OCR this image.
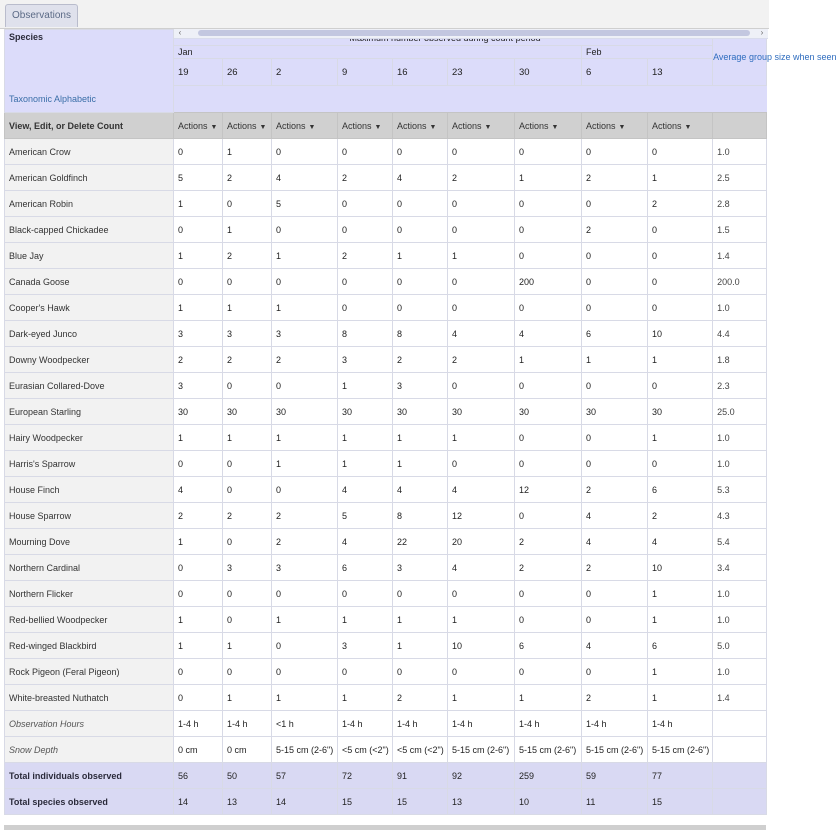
Observations
Species										Average group size when seen
	Jan							Feb		
	19	26	2	9	16	23	30	6	13	
Taxonomic Alphabetic										
View, Edit, or Delete Count	Actions ▼	Actions ▼	Actions ▼	Actions ▼	Actions ▼	Actions ▼	Actions ▼	Actions ▼	Actions ▼	
American Crow	0	1	0	0	0	0	0	0	0	1.0
American Goldfinch	5	2	4	2	4	2	1	2	1	2.5
American Robin	1	0	5	0	0	0	0	0	2	2.8
Black-capped Chickadee	0	1	0	0	0	0	0	2	0	1.5
Blue Jay	1	2	1	2	1	1	0	0	0	1.4
Canada Goose	0	0	0	0	0	0	200	0	0	200.0
Cooper's Hawk	1	1	1	0	0	0	0	0	0	1.0
Dark-eyed Junco	3	3	3	8	8	4	4	6	10	4.4
Downy Woodpecker	2	2	2	3	2	2	1	1	1	1.8
Eurasian Collared-Dove	3	0	0	1	3	0	0	0	0	2.3
European Starling	30	30	30	30	30	30	30	30	30	25.0
Hairy Woodpecker	1	1	1	1	1	1	0	0	1	1.0
Harris's Sparrow	0	0	1	1	1	0	0	0	0	1.0
House Finch	4	0	0	4	4	4	12	2	6	5.3
House Sparrow	2	2	2	5	8	12	0	4	2	4.3
Mourning Dove	1	0	2	4	22	20	2	4	4	5.4
Northern Cardinal	0	3	3	6	3	4	2	2	10	3.4
Northern Flicker	0	0	0	0	0	0	0	0	1	1.0
Red-bellied Woodpecker	1	0	1	1	1	1	0	0	1	1.0
Red-winged Blackbird	1	1	0	3	1	10	6	4	6	5.0
Rock Pigeon (Feral Pigeon)	0	0	0	0	0	0	0	0	1	1.0
White-breasted Nuthatch	0	1	1	1	2	1	1	2	1	1.4
Observation Hours	1-4 h	1-4 h	<1 h	1-4 h	1-4 h	1-4 h	1-4 h	1-4 h	1-4 h	
Snow Depth	0 cm	0 cm	5-15 cm (2-6")	<5 cm (<2")	<5 cm (<2")	5-15 cm (2-6")	5-15 cm (2-6")	5-15 cm (2-6")	5-15 cm (2-6")	
Total individuals observed	56	50	57	72	91	92	259	59	77	
Total species observed	14	13	14	15	15	13	10	11	15	
‹	›
